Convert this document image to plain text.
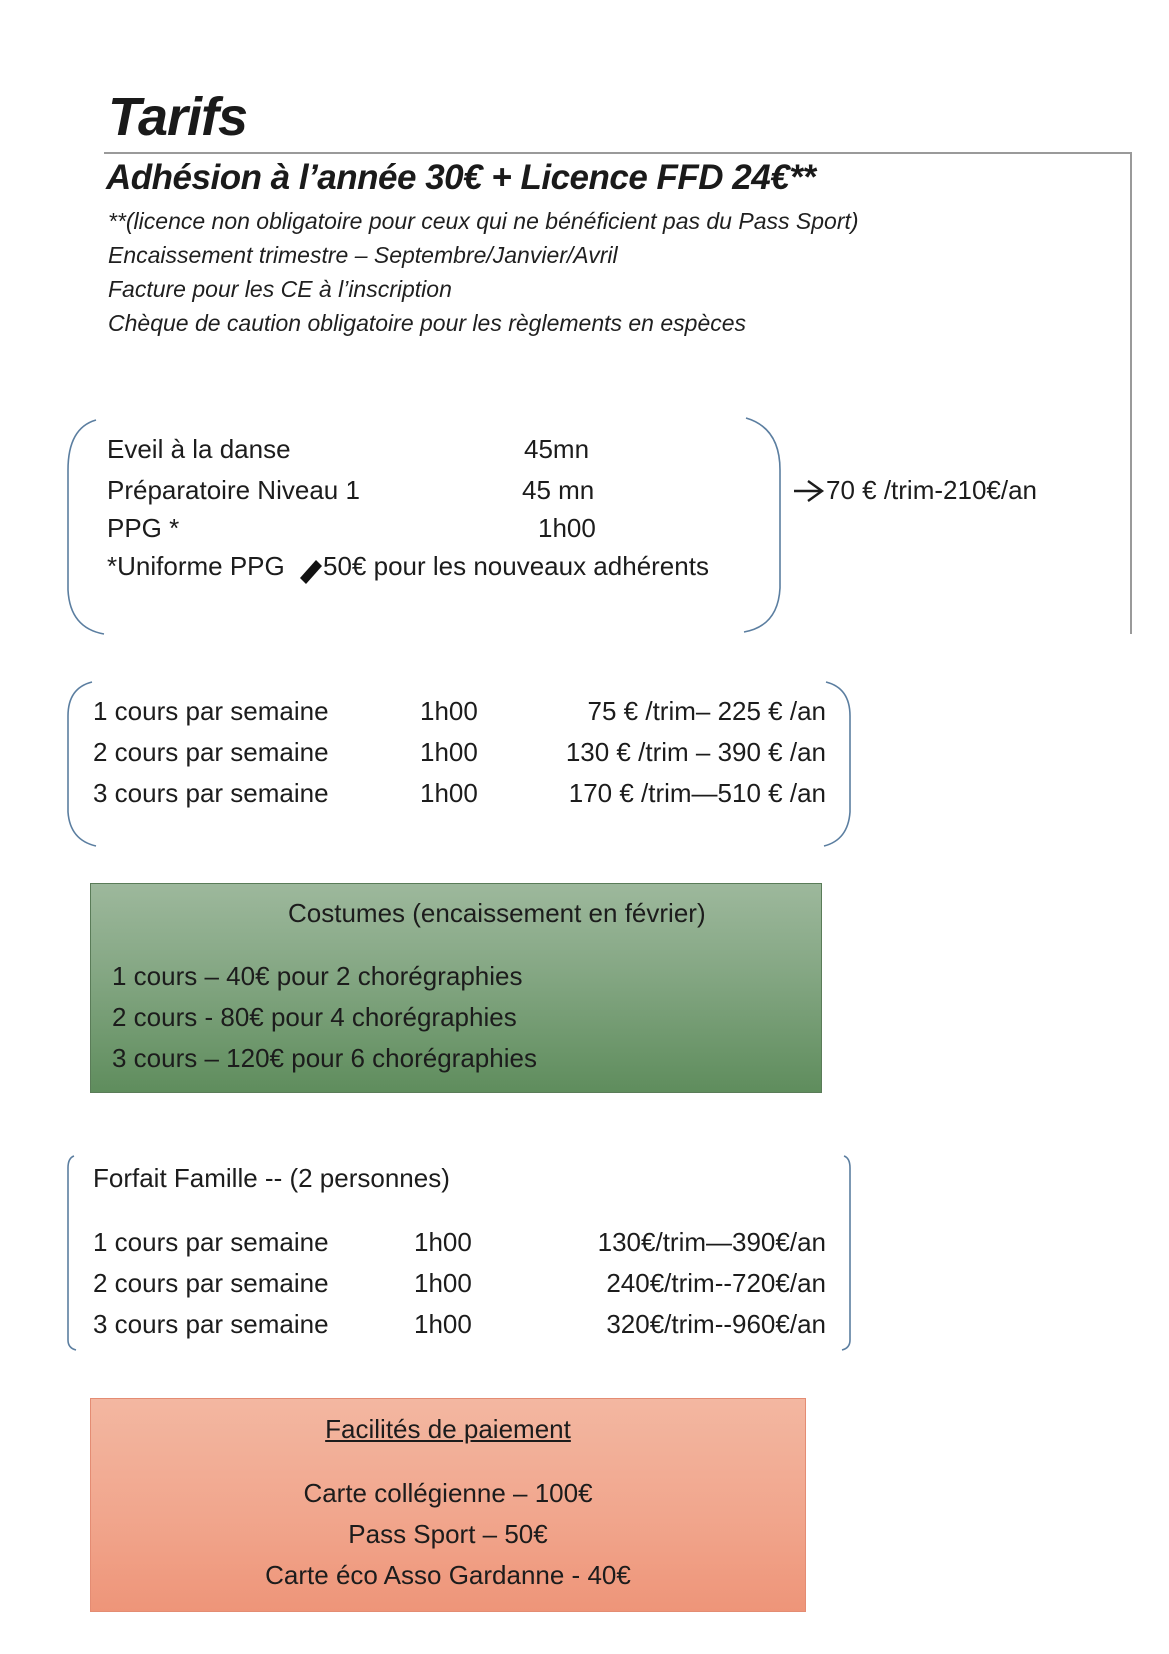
Tarifs
Adhésion à l’année 30€ + Licence FFD 24€**
**(licence non obligatoire pour ceux qui ne bénéficient pas du Pass Sport)
Encaissement trimestre – Septembre/Janvier/Avril
Facture pour les CE à l’inscription
Chèque de caution obligatoire pour les règlements en espèces
Eveil à la danse	45mn
Préparatoire Niveau 1	45 mn
PPG *	1h00
*Uniforme PPG 50€ pour les nouveaux adhérents
70 € /trim-210€/an
1 cours par semaine	1h00	75 € /trim– 225 € /an
2 cours par semaine	1h00	130 € /trim – 390 € /an
3 cours par semaine	1h00	170 € /trim—510 € /an
Costumes (encaissement en février)
1 cours – 40€ pour 2 chorégraphies
2 cours - 80€ pour 4 chorégraphies
3 cours – 120€ pour 6 chorégraphies
Forfait Famille -- (2 personnes)
1 cours par semaine	1h00	130€/trim—390€/an
2 cours par semaine	1h00	240€/trim--720€/an
3 cours par semaine	1h00	320€/trim--960€/an
Facilités de paiement
Carte collégienne – 100€
Pass Sport – 50€
Carte éco Asso Gardanne - 40€
